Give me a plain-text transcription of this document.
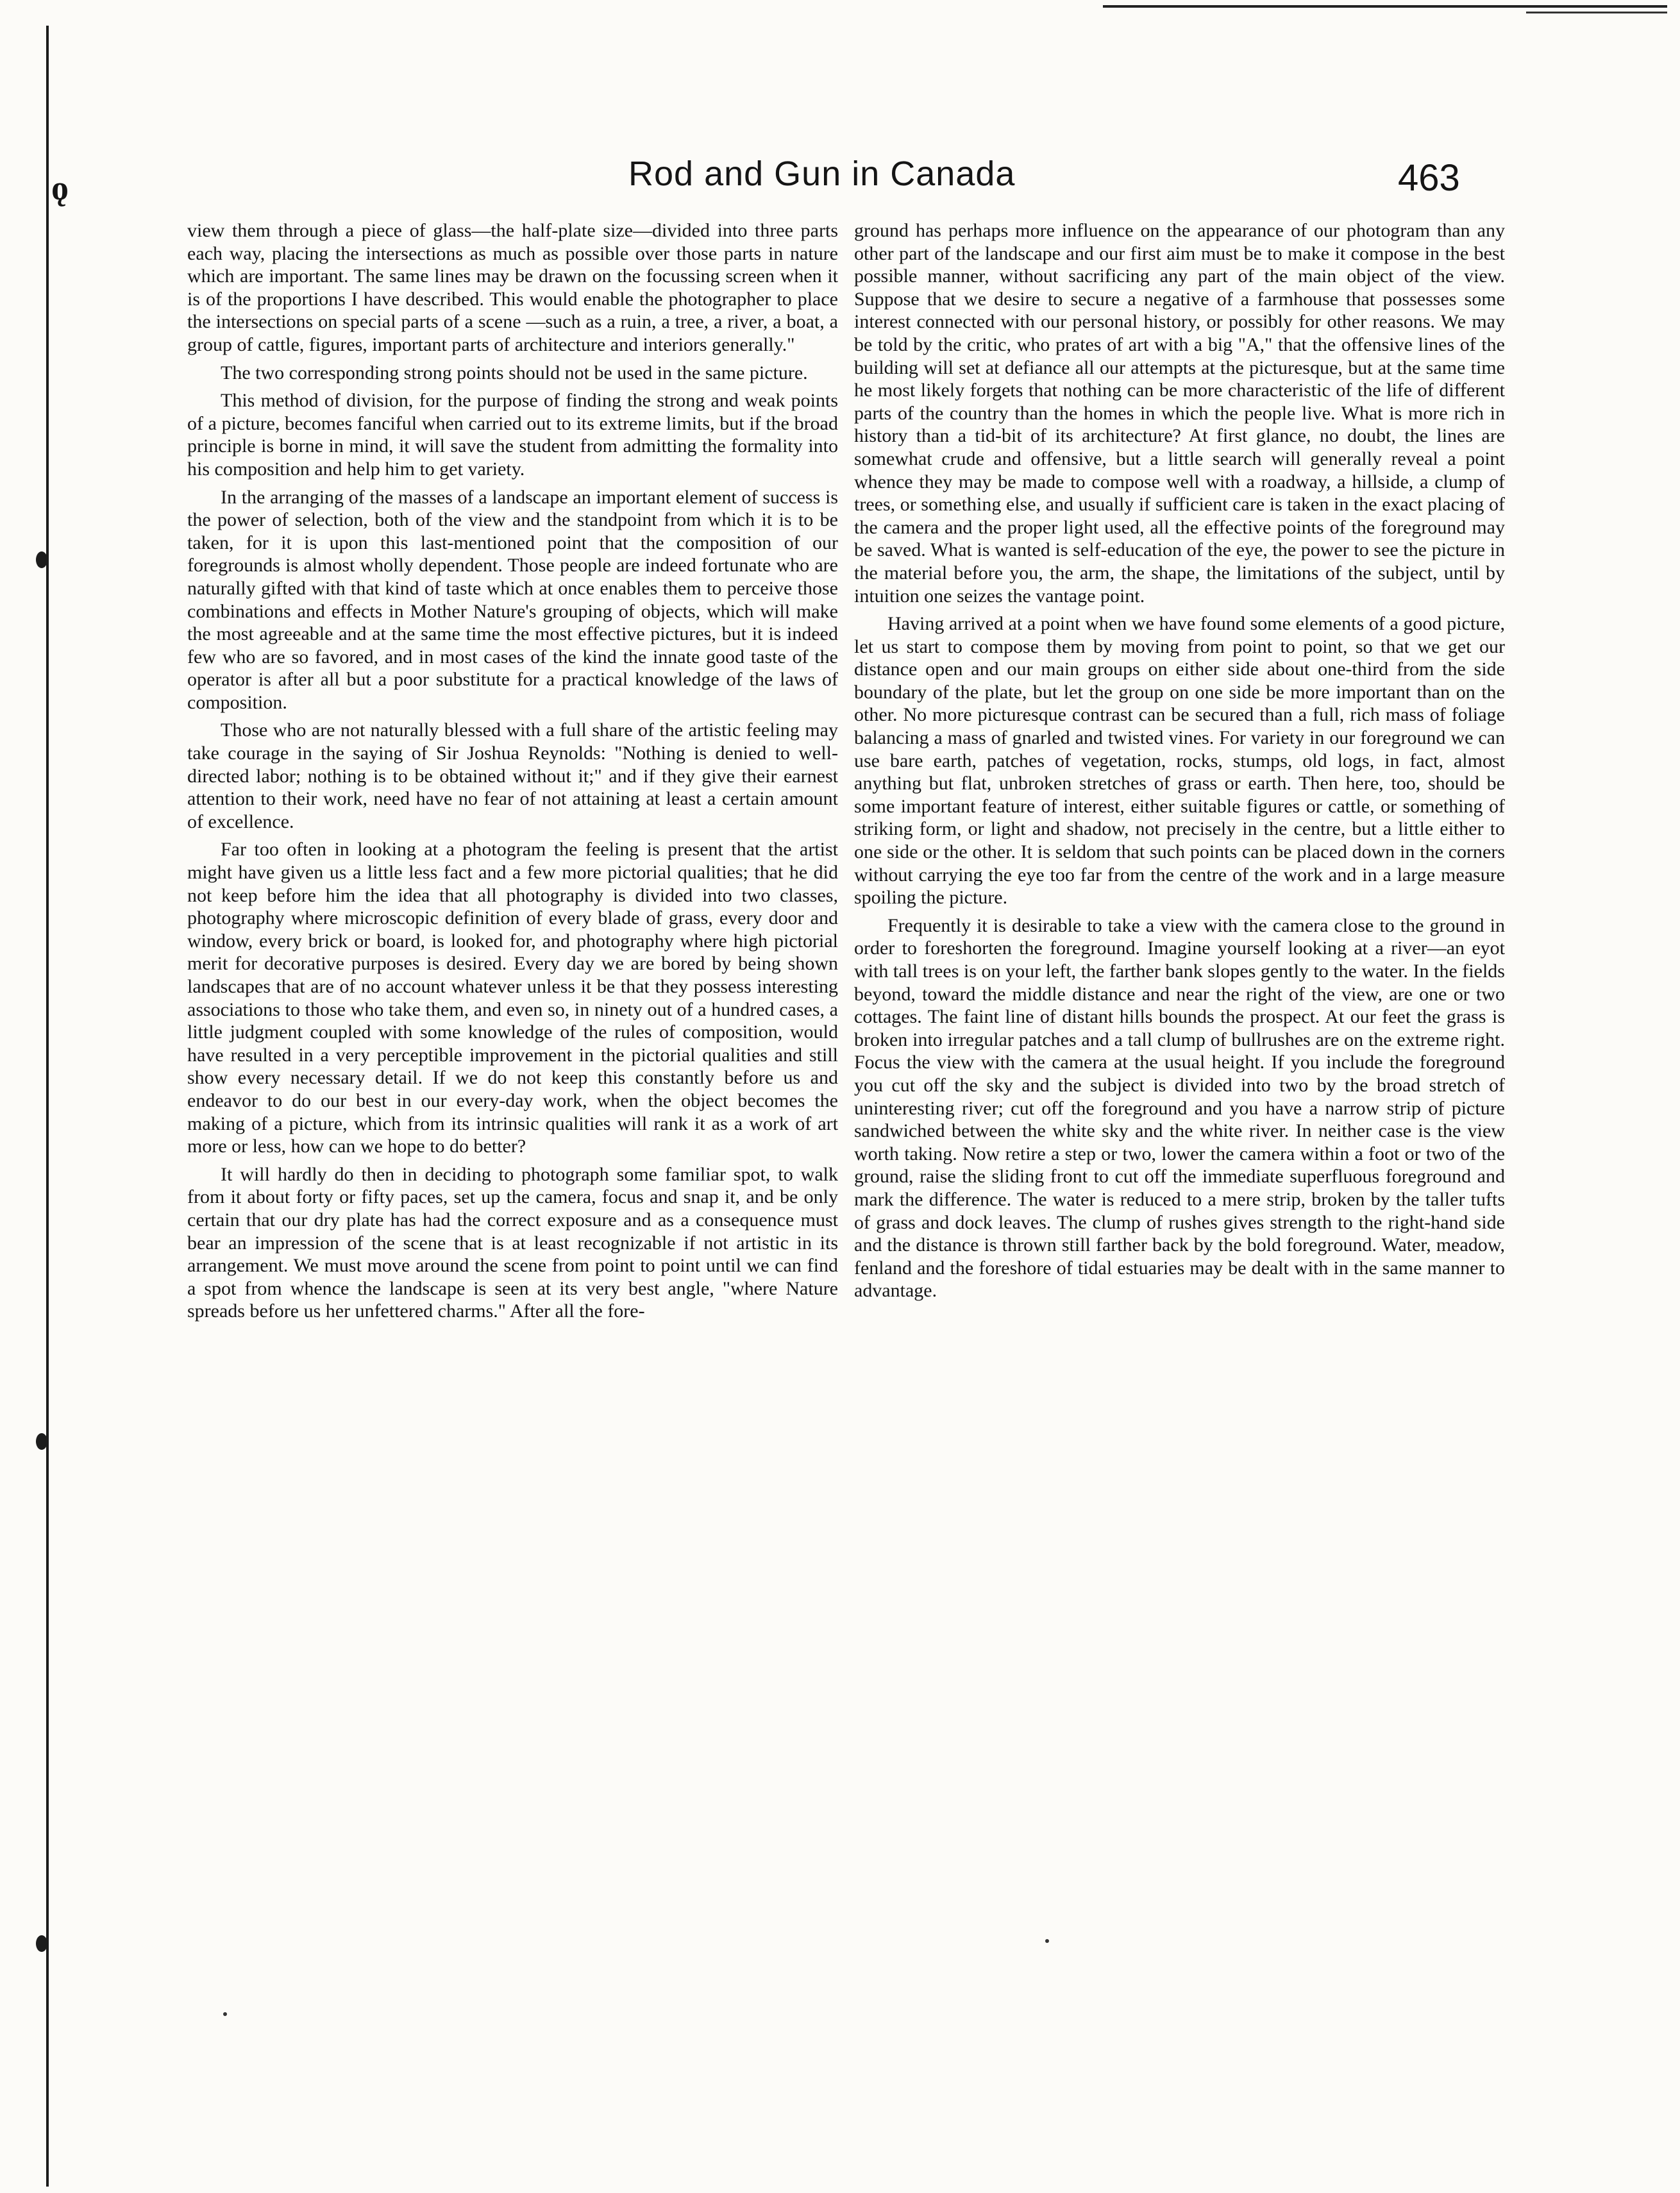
ǫ	Rod and Gun in Canada	463

view them through a piece of glass—the half-plate size—divided into three parts each way, placing the intersections as much as possible over those parts in nature which are important. The same lines may be drawn on the focussing screen when it is of the proportions I have described. This would enable the photographer to place the intersections on special parts of a scene —such as a ruin, a tree, a river, a boat, a group of cattle, figures, important parts of architecture and interiors generally."

The two corresponding strong points should not be used in the same picture.

This method of division, for the purpose of finding the strong and weak points of a picture, becomes fanciful when carried out to its extreme limits, but if the broad principle is borne in mind, it will save the student from admitting the formality into his composition and help him to get variety.

In the arranging of the masses of a landscape an important element of success is the power of selection, both of the view and the standpoint from which it is to be taken, for it is upon this last-mentioned point that the composition of our foregrounds is almost wholly dependent. Those people are indeed fortunate who are naturally gifted with that kind of taste which at once enables them to perceive those combinations and effects in Mother Nature's grouping of objects, which will make the most agreeable and at the same time the most effective pictures, but it is indeed few who are so favored, and in most cases of the kind the innate good taste of the operator is after all but a poor substitute for a practical knowledge of the laws of composition.

Those who are not naturally blessed with a full share of the artistic feeling may take courage in the saying of Sir Joshua Reynolds: "Nothing is denied to well-directed labor; nothing is to be obtained without it;" and if they give their earnest attention to their work, need have no fear of not attaining at least a certain amount of excellence.

Far too often in looking at a photogram the feeling is present that the artist might have given us a little less fact and a few more pictorial qualities; that he did not keep before him the idea that all photography is divided into two classes, photography where microscopic definition of every blade of grass, every door and window, every brick or board, is looked for, and photography where high pictorial merit for decorative purposes is desired. Every day we are bored by being shown landscapes that are of no account whatever unless it be that they possess interesting associations to those who take them, and even so, in ninety out of a hundred cases, a little judgment coupled with some knowledge of the rules of composition, would have resulted in a very perceptible improvement in the pictorial qualities and still show every necessary detail. If we do not keep this constantly before us and endeavor to do our best in our every-day work, when the object becomes the making of a picture, which from its intrinsic qualities will rank it as a work of art more or less, how can we hope to do better?

It will hardly do then in deciding to photograph some familiar spot, to walk from it about forty or fifty paces, set up the camera, focus and snap it, and be only certain that our dry plate has had the correct exposure and as a consequence must bear an impression of the scene that is at least recognizable if not artistic in its arrangement. We must move around the scene from point to point until we can find a spot from whence the landscape is seen at its very best angle, "where Nature spreads before us her unfettered charms." After all the fore-

ground has perhaps more influence on the appearance of our photogram than any other part of the landscape and our first aim must be to make it compose in the best possible manner, without sacrificing any part of the main object of the view. Suppose that we desire to secure a negative of a farmhouse that possesses some interest connected with our personal history, or possibly for other reasons. We may be told by the critic, who prates of art with a big "A," that the offensive lines of the building will set at defiance all our attempts at the picturesque, but at the same time he most likely forgets that nothing can be more characteristic of the life of different parts of the country than the homes in which the people live. What is more rich in history than a tid-bit of its architecture? At first glance, no doubt, the lines are somewhat crude and offensive, but a little search will generally reveal a point whence they may be made to compose well with a roadway, a hillside, a clump of trees, or something else, and usually if sufficient care is taken in the exact placing of the camera and the proper light used, all the effective points of the foreground may be saved. What is wanted is self-education of the eye, the power to see the picture in the material before you, the arm, the shape, the limitations of the subject, until by intuition one seizes the vantage point.

Having arrived at a point when we have found some elements of a good picture, let us start to compose them by moving from point to point, so that we get our distance open and our main groups on either side about one-third from the side boundary of the plate, but let the group on one side be more important than on the other. No more picturesque contrast can be secured than a full, rich mass of foliage balancing a mass of gnarled and twisted vines. For variety in our foreground we can use bare earth, patches of vegetation, rocks, stumps, old logs, in fact, almost anything but flat, unbroken stretches of grass or earth. Then here, too, should be some important feature of interest, either suitable figures or cattle, or something of striking form, or light and shadow, not precisely in the centre, but a little either to one side or the other. It is seldom that such points can be placed down in the corners without carrying the eye too far from the centre of the work and in a large measure spoiling the picture.

Frequently it is desirable to take a view with the camera close to the ground in order to foreshorten the foreground. Imagine yourself looking at a river—an eyot with tall trees is on your left, the farther bank slopes gently to the water. In the fields beyond, toward the middle distance and near the right of the view, are one or two cottages. The faint line of distant hills bounds the prospect. At our feet the grass is broken into irregular patches and a tall clump of bullrushes are on the extreme right. Focus the view with the camera at the usual height. If you include the foreground you cut off the sky and the subject is divided into two by the broad stretch of uninteresting river; cut off the foreground and you have a narrow strip of picture sandwiched between the white sky and the white river. In neither case is the view worth taking. Now retire a step or two, lower the camera within a foot or two of the ground, raise the sliding front to cut off the immediate superfluous foreground and mark the difference. The water is reduced to a mere strip, broken by the taller tufts of grass and dock leaves. The clump of rushes gives strength to the right-hand side and the distance is thrown still farther back by the bold foreground. Water, meadow, fenland and the foreshore of tidal estuaries may be dealt with in the same manner to advantage.
